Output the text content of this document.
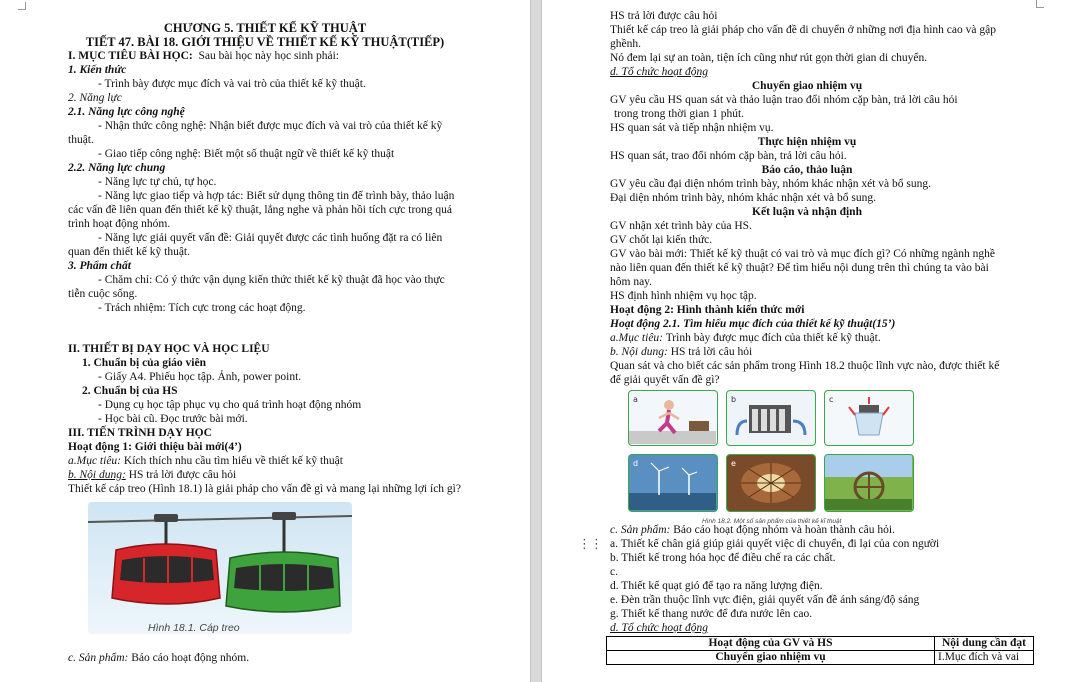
CHƯƠNG 5. THIẾT KẾ KỸ THUẬT
TIẾT 47. BÀI 18. GIỚI THIỆU VỀ THIẾT KẾ KỸ THUẬT(TIẾP)
I. MỤC TIÊU BÀI HỌC: Sau bài học này học sinh phải:
1. Kiến thức
- Trình bày được mục đích và vai trò của thiết kế kỹ thuật.
2. Năng lực
2.1. Năng lực công nghệ
- Nhận thức công nghệ: Nhận biết được mục đích và vai trò của thiết kế kỹ
thuật.
- Giao tiếp công nghệ: Biết một số thuật ngữ về thiết kế kỹ thuật
2.2. Năng lực chung
- Năng lực tự chủ, tự học.
- Năng lực giao tiếp và hợp tác: Biết sử dụng thông tin để trình bày, thảo luận
các vấn đề liên quan đến thiết kế kỹ thuật, lắng nghe và phản hồi tích cực trong quá
trình hoạt động nhóm.
- Năng lực giải quyết vấn đề: Giải quyết được các tình huống đặt ra có liên
quan đến thiết kế kỹ thuật.
3. Phẩm chất
- Chăm chỉ: Có ý thức vận dụng kiến thức thiết kế kỹ thuật đã học vào thực
tiễn cuộc sống.
- Trách nhiệm: Tích cực trong các hoạt động.
II. THIẾT BỊ DẠY HỌC VÀ HỌC LIỆU
1. Chuẩn bị của giáo viên
- Giấy A4. Phiếu học tập. Ảnh, power point.
2. Chuẩn bị của HS
- Dụng cụ học tập phục vụ cho quá trình hoạt động nhóm
- Học bài cũ. Đọc trước bài mới.
III. TIẾN TRÌNH DẠY HỌC
Hoạt động 1: Giới thiệu bài mới(4’)
a.Mục tiêu: Kích thích nhu cầu tìm hiểu về thiết kế kỹ thuật
b. Nội dung: HS trả lời được câu hỏi
Thiết kế cáp treo (Hình 18.1) là giải pháp cho vấn đề gì và mang lại những lợi ích gì?
Hình 18.1. Cáp treo
c. Sản phẩm: Báo cáo hoạt động nhóm.
HS trả lời được câu hỏi
Thiết kế cáp treo là giải pháp cho vấn đề di chuyển ở những nơi địa hình cao và gập
ghềnh.
Nó đem lại sự an toàn, tiện ích cũng như rút gọn thời gian di chuyển.
d. Tổ chức hoạt động
Chuyển giao nhiệm vụ
GV yêu cầu HS quan sát và thảo luận trao đổi nhóm cặp bàn, trả lời câu hỏi
trong trong thời gian 1 phút.
HS quan sát và tiếp nhận nhiệm vụ.
Thực hiện nhiệm vụ
HS quan sát, trao đổi nhóm cặp bàn, trả lời câu hỏi.
Báo cáo, thảo luận
GV yêu cầu đại diện nhóm trình bày, nhóm khác nhận xét và bổ sung.
Đại diện nhóm trình bày, nhóm khác nhận xét và bổ sung.
Kết luận và nhận định
GV nhận xét trình bày của HS.
GV chốt lại kiến thức.
GV vào bài mới: Thiết kế kỹ thuật có vai trò và mục đích gì? Có những ngành nghề
nào liên quan đến thiết kế kỹ thuật? Để tìm hiểu nội dung trên thì chúng ta vào bài
hôm nay.
HS định hình nhiệm vụ học tập.
Hoạt động 2: Hình thành kiến thức mới
Hoạt động 2.1. Tìm hiểu mục đích của thiết kế kỹ thuật(15’)
a.Mục tiêu: Trình bày được mục đích của thiết kế kỹ thuật.
b. Nội dung: HS trả lời câu hỏi
Quan sát và cho biết các sản phẩm trong Hình 18.2 thuộc lĩnh vực nào, được thiết kế
để giải quyết vấn đề gì?
a	b	c
d	e
Hình 18.2. Một số sản phẩm của thiết kế kĩ thuật
c. Sản phẩm: Báo cáo hoạt động nhóm và hoàn thành câu hỏi.
a. Thiết kế chân giả giúp giải quyết việc di chuyển, đi lại của con người
b. Thiết kế trong hóa học để điều chế ra các chất.
c.
d. Thiết kế quạt gió để tạo ra năng lượng điện.
e. Đèn trần thuộc lĩnh vực điện, giải quyết vấn đề ánh sáng/độ sáng
g. Thiết kế thang nước để đưa nước lên cao.
d. Tổ chức hoạt động
Hoạt động của GV và HS	Nội dung cần đạt
Chuyển giao nhiệm vụ	I.Mục đích và vai
⋮⋮
